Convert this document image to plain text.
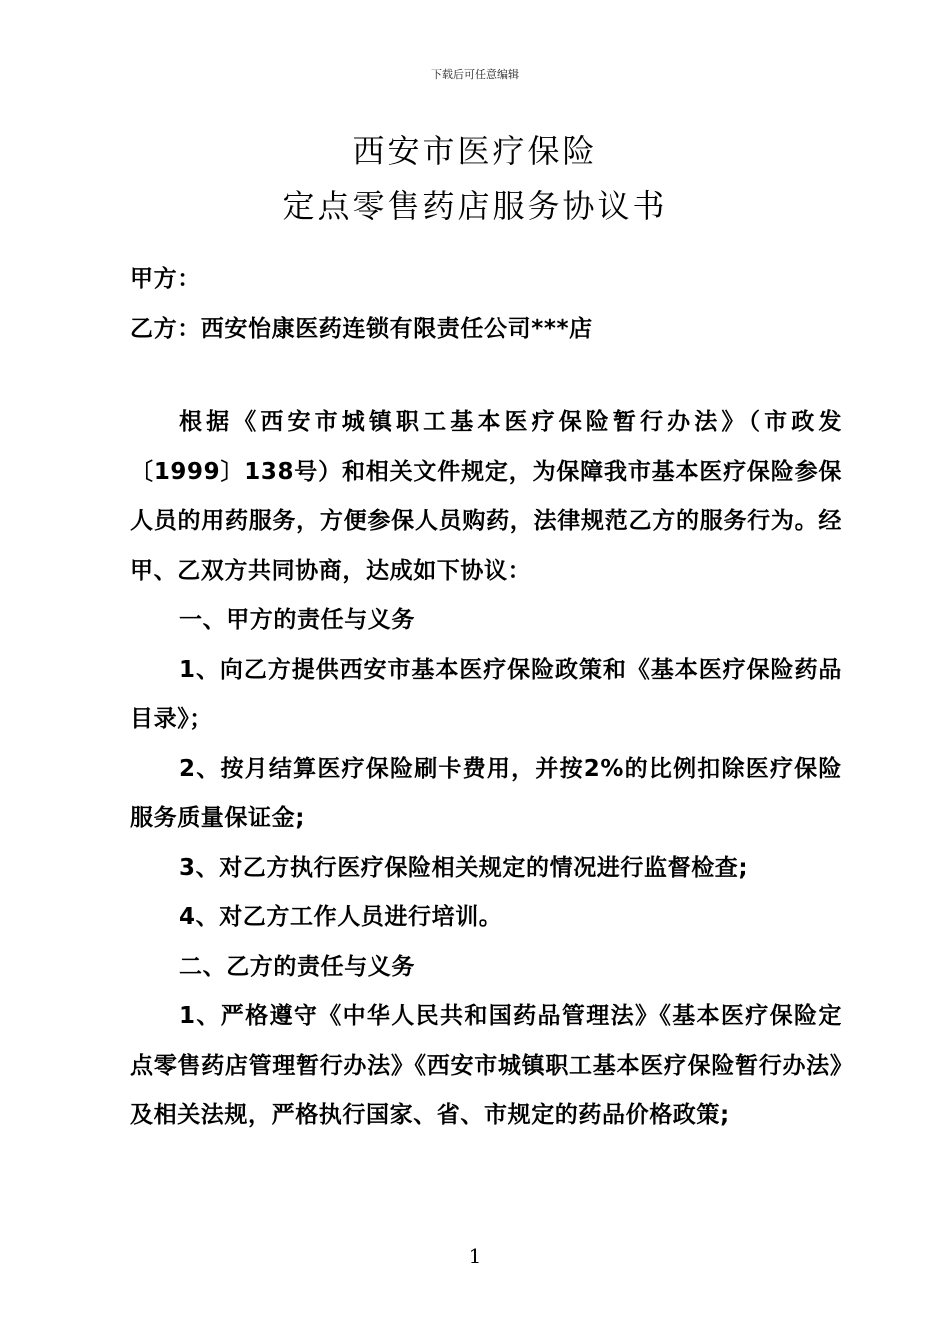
下载后可任意编辑
西安市医疗保险
定点零售药店服务协议书

甲方：

乙方：西安怡康医药连锁有限责任公司***店

根据《西安市城镇职工基本医疗保险暂行办法》（市政发〔1999〕138号）和相关文件规定，为保障我市基本医疗保险参保人员的用药服务，方便参保人员购药，法律规范乙方的服务行为。经甲、乙双方共同协商，达成如下协议：

一、甲方的责任与义务

1、向乙方提供西安市基本医疗保险政策和《基本医疗保险药品目录》；

2、按月结算医疗保险刷卡费用，并按2%的比例扣除医疗保险服务质量保证金;

3、对乙方执行医疗保险相关规定的情况进行监督检查;

4、对乙方工作人员进行培训。

二、乙方的责任与义务

1、严格遵守《中华人民共和国药品管理法》《基本医疗保险定点零售药店管理暂行办法》《西安市城镇职工基本医疗保险暂行办法》及相关法规，严格执行国家、省、市规定的药品价格政策;

1
